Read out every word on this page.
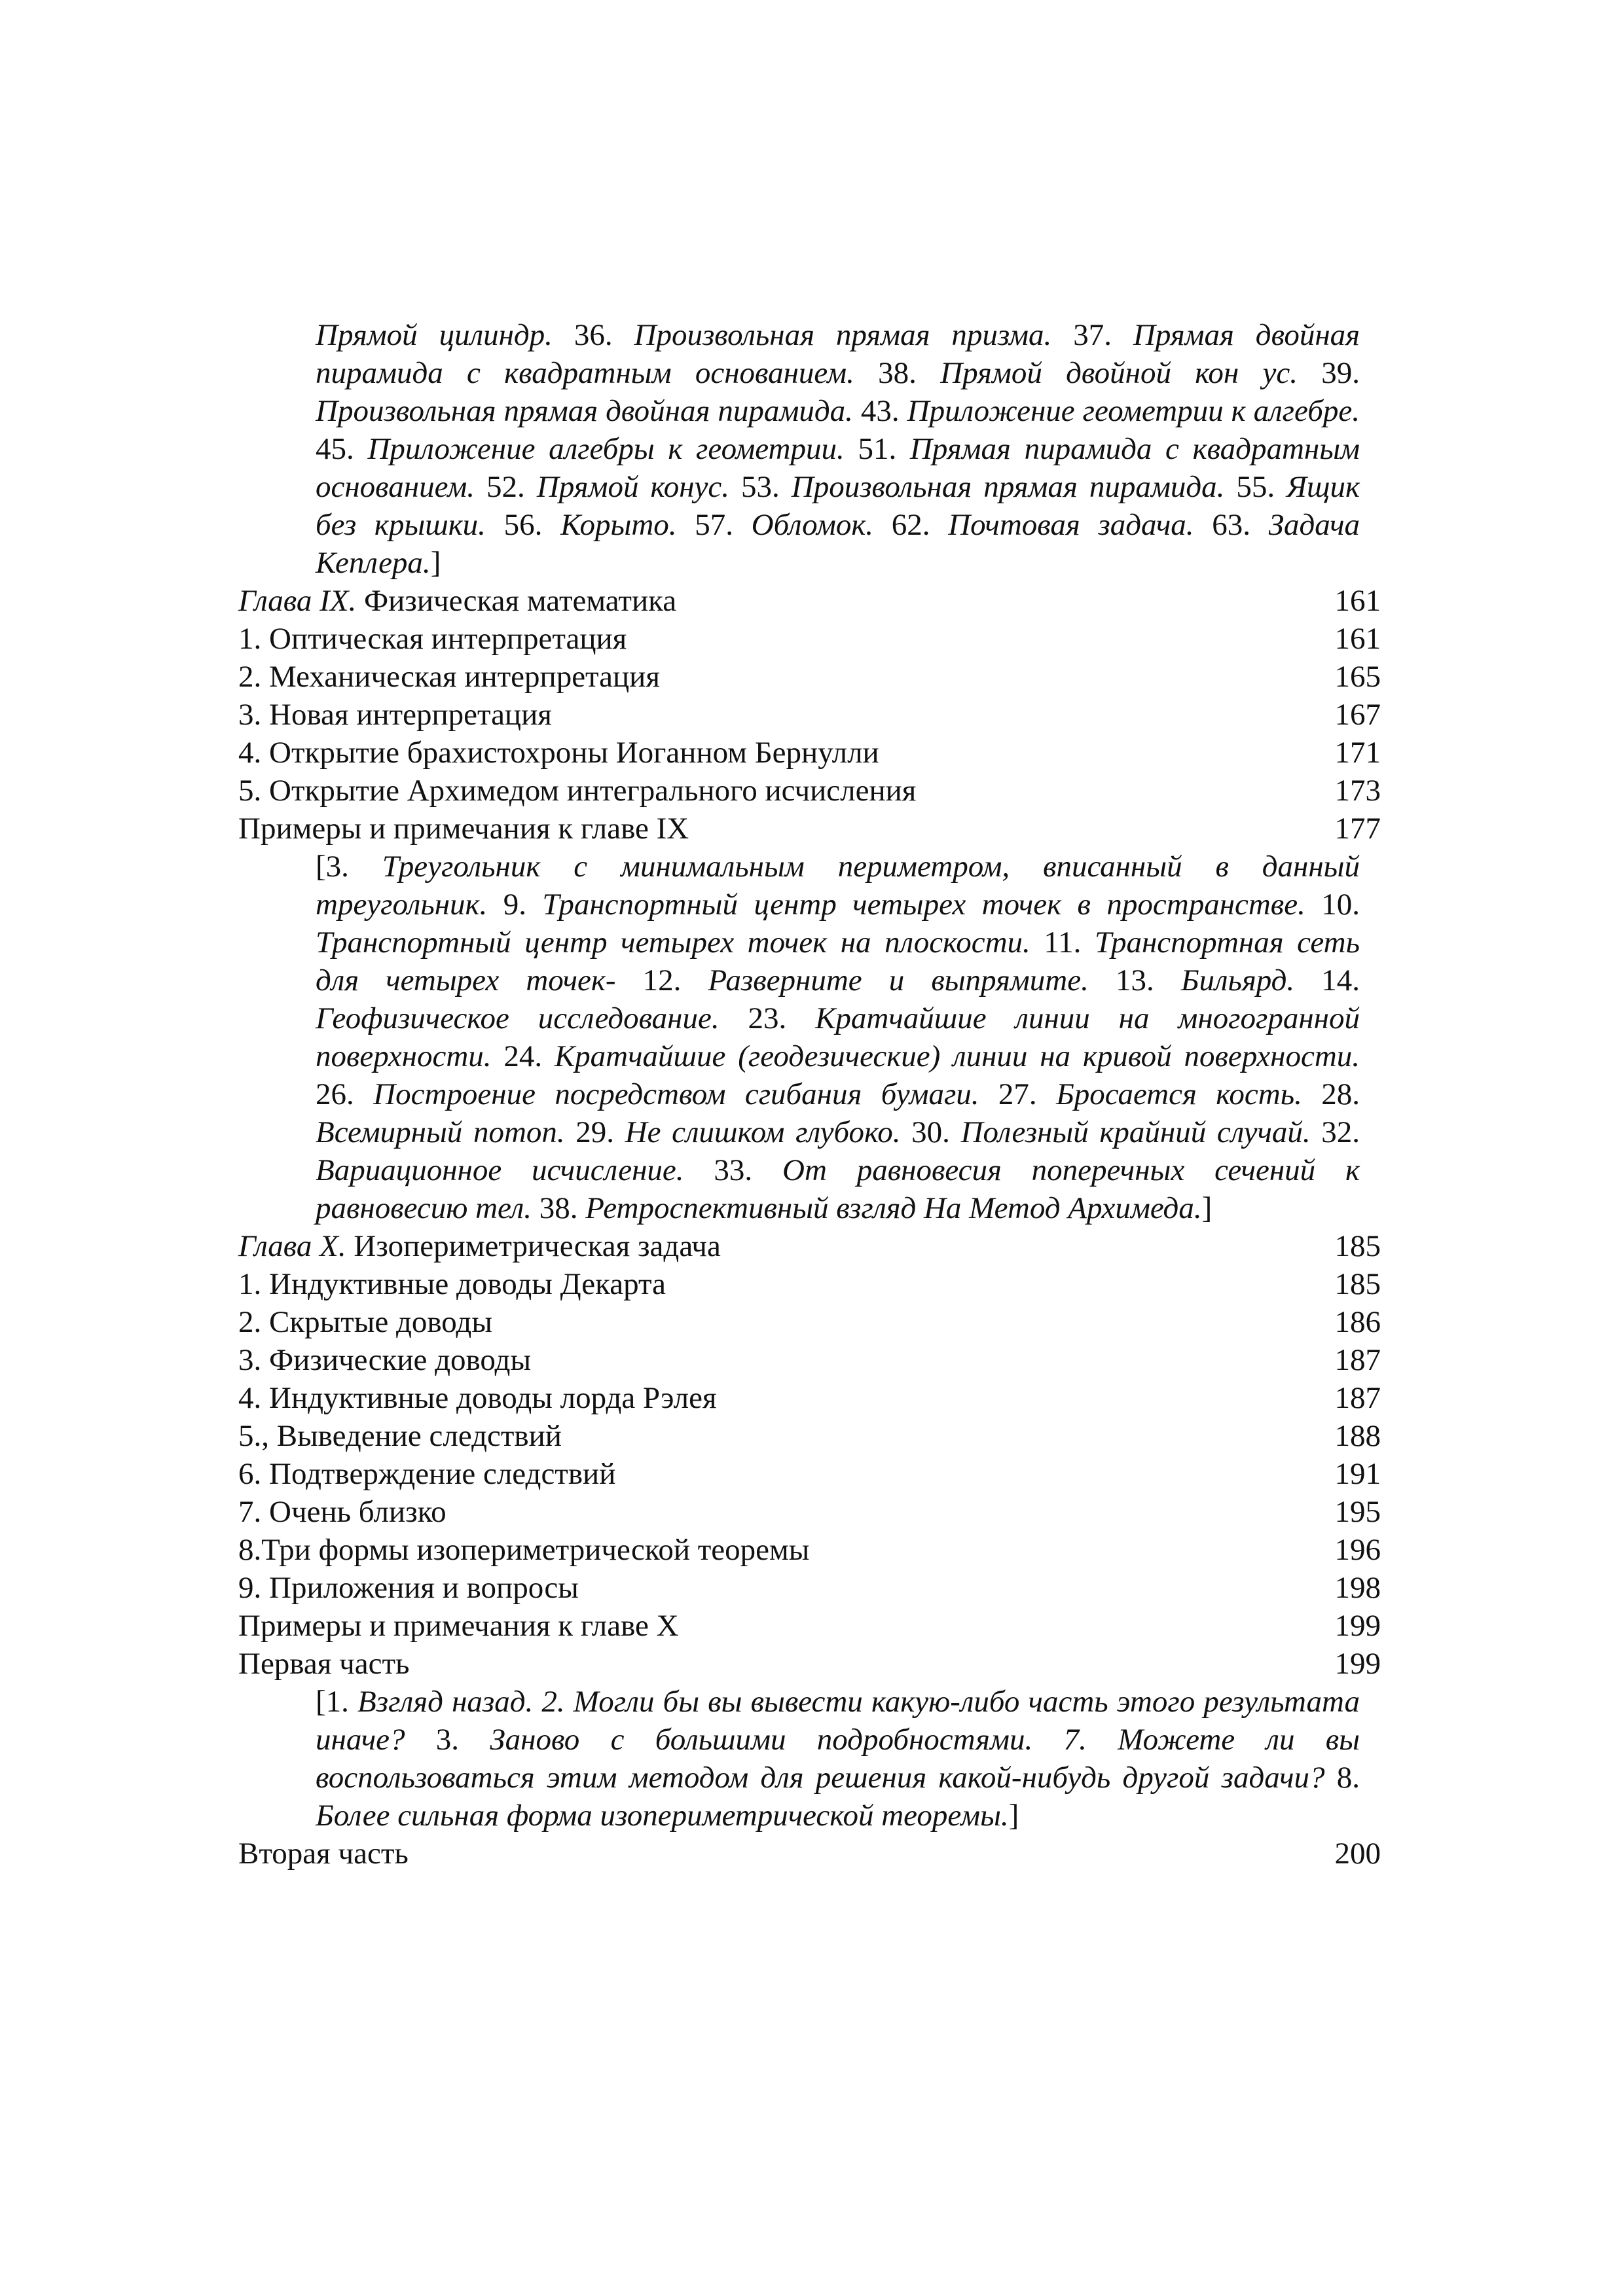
Прямой цилиндр. 36. Произвольная прямая призма. 37. Прямая двойная пирамида с квадратным основанием. 38. Прямой двойной кон ус. 39. Произвольная прямая двойная пирамида. 43. Приложение геометрии к алгебре. 45. Приложение алгебры к геометрии. 51. Прямая пирамида с квадратным основанием. 52. Прямой конус. 53. Произвольная прямая пирамида. 55. Ящик без крышки. 56. Корыто. 57. Обломок. 62. Почтовая задача. 63. Задача Кеплера.]
Глава IX. Физическая математика	161
1. Оптическая интерпретация	161
2. Механическая интерпретация	165
3. Новая интерпретация	167
4. Открытие брахистохроны Иоганном Бернулли	171
5. Открытие Архимедом интегрального исчисления	173
Примеры и примечания к главе IX	177
[3. Треугольник с минимальным периметром, вписанный в данный треугольник. 9. Транспортный центр четырех точек в пространстве. 10. Транспортный центр четырех точек на плоскости. 11. Транспортная сеть для четырех точек- 12. Разверните и выпрямите. 13. Бильярд. 14. Геофизическое исследование. 23. Кратчайшие линии на многогранной поверхности. 24. Кратчайшие (геодезические) линии на кривой поверхности. 26. Построение посредством сгибания бумаги. 27. Бросается кость. 28. Всемирный потоп. 29. Не слишком глубоко. 30. Полезный крайний случай. 32. Вариационное исчисление. 33. От равновесия поперечных сечений к равновесию тел. 38. Ретроспективный взгляд На Метод Архимеда.]
Глава X. Изопериметрическая задача	185
1. Индуктивные доводы Декарта	185
2. Скрытые доводы	186
3. Физические доводы	187
4. Индуктивные доводы лорда Рэлея	187
5., Выведение следствий	188
6. Подтверждение следствий	191
7. Очень близко	195
8.Три формы изопериметрической теоремы	196
9. Приложения и вопросы	198
Примеры и примечания к главе X	199
Первая часть	199
[1. Взгляд назад. 2. Могли бы вы вывести какую-либо часть этого результата иначе? 3. Заново с большими подробностями. 7. Можете ли вы воспользоваться этим методом для решения какой-нибудь другой задачи? 8. Более сильная форма изопериметрической теоремы.]
Вторая часть	200
